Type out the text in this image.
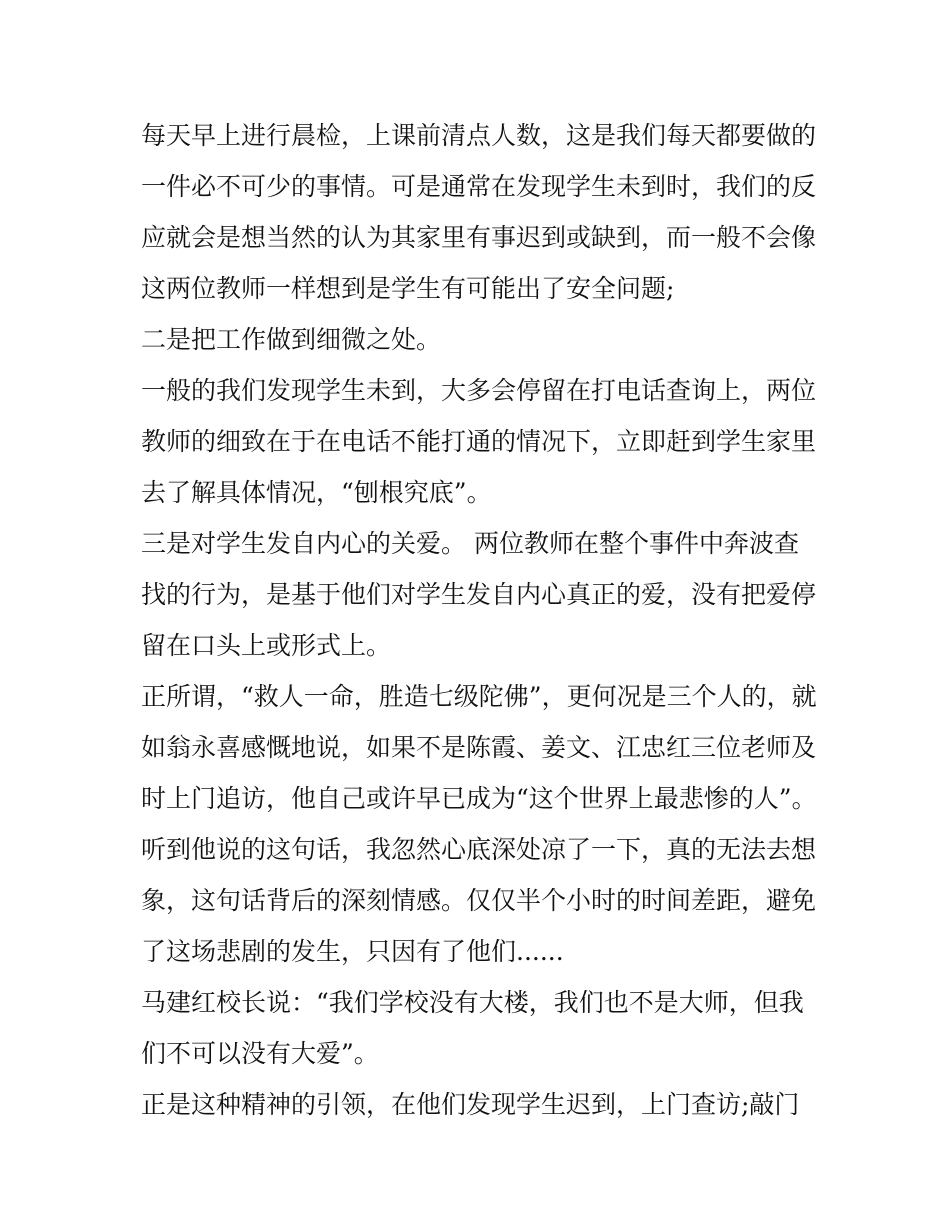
每天早上进行晨检，上课前清点人数，这是我们每天都要做的
一件必不可少的事情。可是通常在发现学生未到时，我们的反
应就会是想当然的认为其家里有事迟到或缺到，而一般不会像
这两位教师一样想到是学生有可能出了安全问题;
二是把工作做到细微之处。
一般的我们发现学生未到，大多会停留在打电话查询上，两位
教师的细致在于在电话不能打通的情况下，立即赶到学生家里
去了解具体情况，“刨根究底”。
三是对学生发自内心的关爱。 两位教师在整个事件中奔波查
找的行为，是基于他们对学生发自内心真正的爱，没有把爱停
留在口头上或形式上。
正所谓，“救人一命，胜造七级陀佛”，更何况是三个人的，就
如翁永喜感慨地说，如果不是陈霞、姜文、江忠红三位老师及
时上门追访，他自己或许早已成为“这个世界上最悲惨的人”。
听到他说的这句话，我忽然心底深处凉了一下，真的无法去想
象，这句话背后的深刻情感。仅仅半个小时的时间差距，避免
了这场悲剧的发生，只因有了他们......
马建红校长说：“我们学校没有大楼，我们也不是大师，但我
们不可以没有大爱”。
正是这种精神的引领，在他们发现学生迟到，上门查访;敲门
